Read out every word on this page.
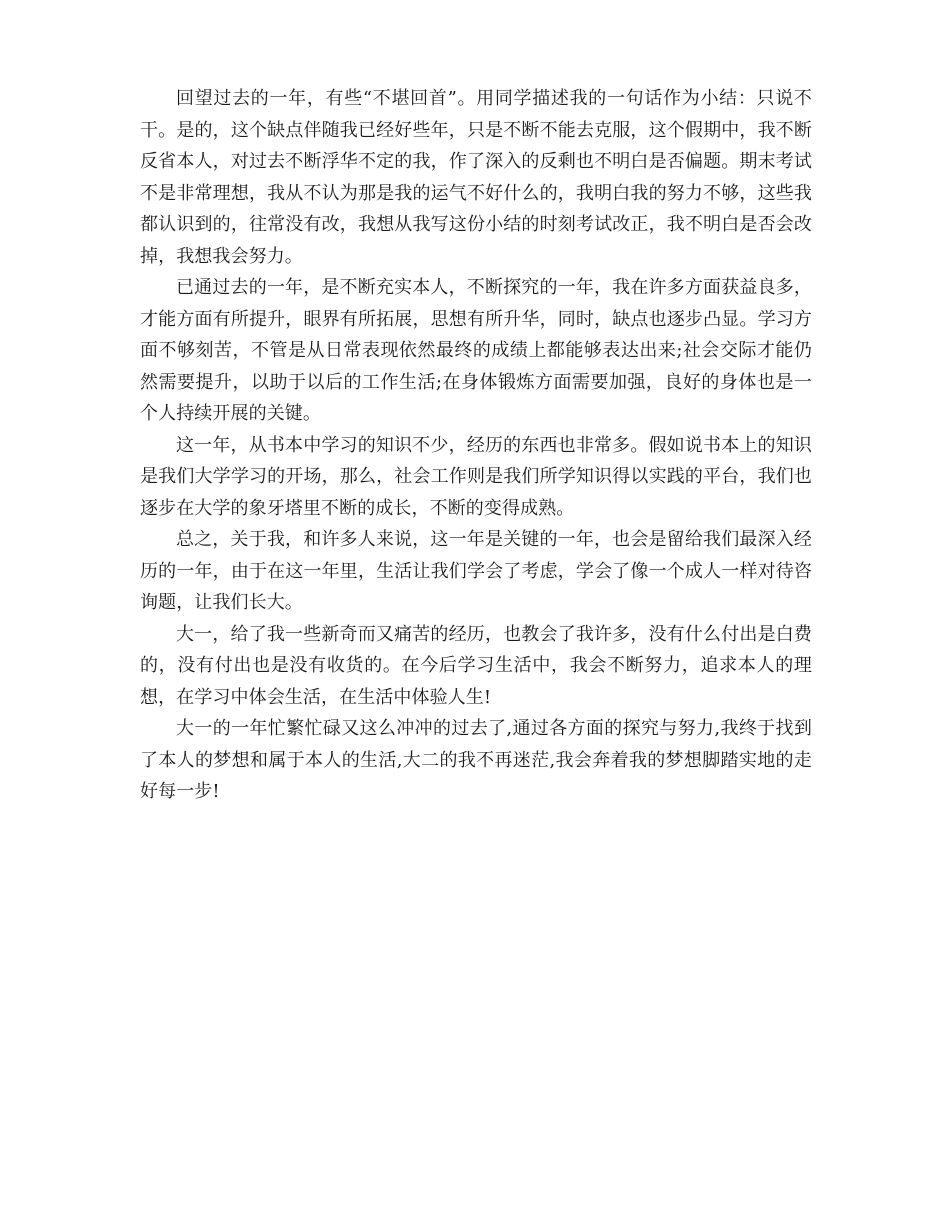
回望过去的一年，有些“不堪回首”。用同学描述我的一句话作为小结：只说不干。是的，这个缺点伴随我已经好些年，只是不断不能去克服，这个假期中，我不断反省本人，对过去不断浮华不定的我，作了深入的反剩也不明白是否偏题。期末考试不是非常理想，我从不认为那是我的运气不好什么的，我明白我的努力不够，这些我都认识到的，往常没有改，我想从我写这份小结的时刻考试改正，我不明白是否会改掉，我想我会努力。

已通过去的一年，是不断充实本人，不断探究的一年，我在许多方面获益良多，才能方面有所提升，眼界有所拓展，思想有所升华，同时，缺点也逐步凸显。学习方面不够刻苦，不管是从日常表现依然最终的成绩上都能够表达出来;社会交际才能仍然需要提升，以助于以后的工作生活;在身体锻炼方面需要加强，良好的身体也是一个人持续开展的关键。

这一年，从书本中学习的知识不少，经历的东西也非常多。假如说书本上的知识是我们大学学习的开场，那么，社会工作则是我们所学知识得以实践的平台，我们也逐步在大学的象牙塔里不断的成长，不断的变得成熟。

总之，关于我，和许多人来说，这一年是关键的一年，也会是留给我们最深入经历的一年，由于在这一年里，生活让我们学会了考虑，学会了像一个成人一样对待咨询题，让我们长大。

大一，给了我一些新奇而又痛苦的经历，也教会了我许多，没有什么付出是白费的，没有付出也是没有收货的。在今后学习生活中，我会不断努力，追求本人的理想，在学习中体会生活，在生活中体验人生!

大一的一年忙繁忙碌又这么冲冲的过去了,通过各方面的探究与努力,我终于找到了本人的梦想和属于本人的生活,大二的我不再迷茫,我会奔着我的梦想脚踏实地的走好每一步!
